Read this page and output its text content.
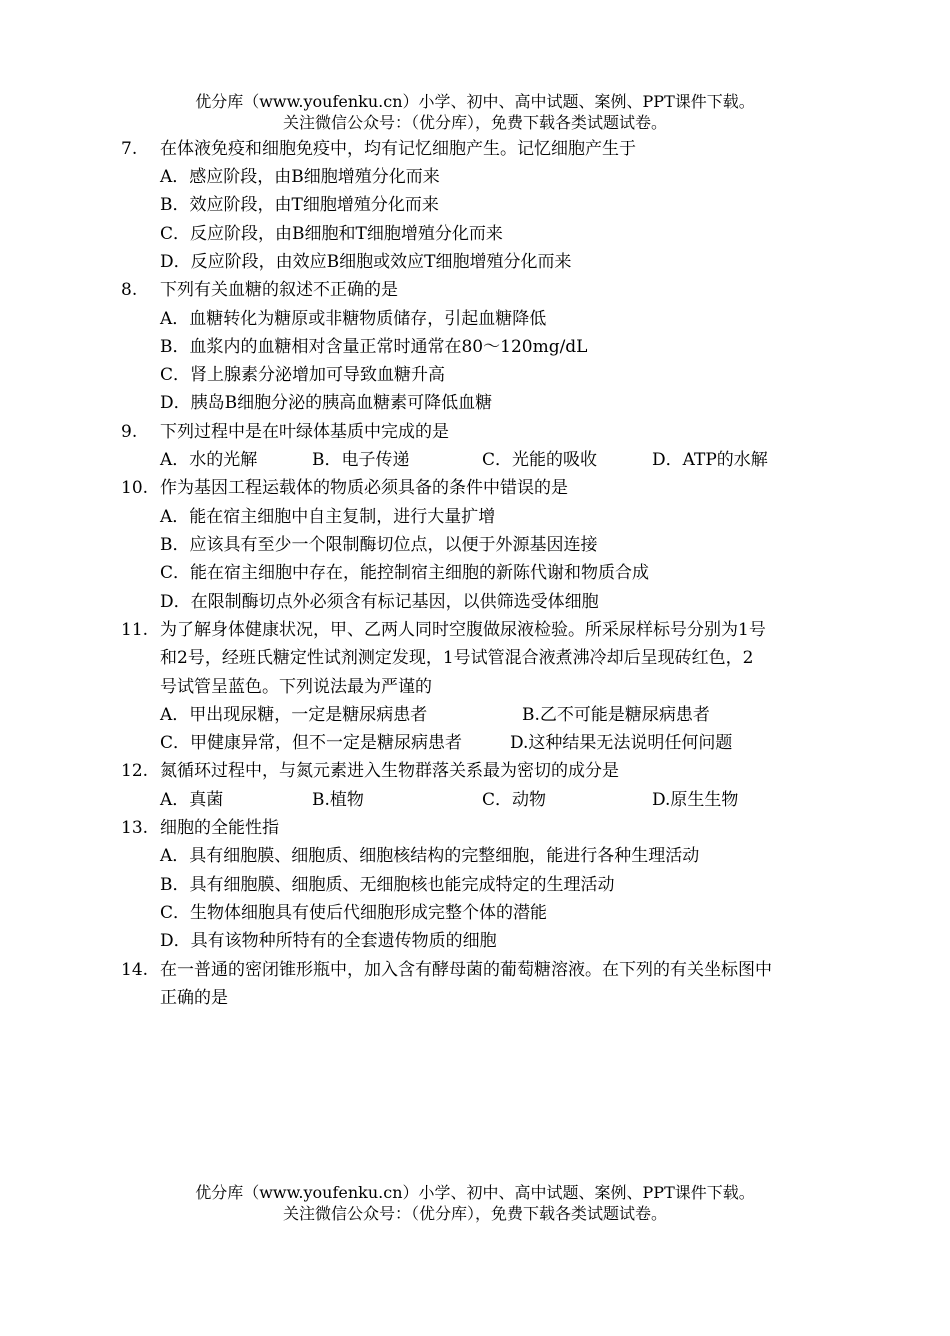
优分库（www.youfenku.cn）小学、初中、高中试题、案例、PPT课件下载。
关注微信公众号：（优分库），免费下载各类试题试卷。
7. 在体液免疫和细胞免疫中，均有记忆细胞产生。记忆细胞产生于
A．感应阶段，由B细胞增殖分化而来
B．效应阶段，由T细胞增殖分化而来
C．反应阶段，由B细胞和T细胞增殖分化而来
D．反应阶段，由效应B细胞或效应T细胞增殖分化而来
8. 下列有关血糖的叙述不正确的是
A．血糖转化为糖原或非糖物质储存，引起血糖降低
B．血浆内的血糖相对含量正常时通常在80～120mg/dL
C．肾上腺素分泌增加可导致血糖升高
D．胰岛B细胞分泌的胰高血糖素可降低血糖
9. 下列过程中是在叶绿体基质中完成的是
A．水的光解	B．电子传递	C．光能的吸收	D．ATP的水解
10. 作为基因工程运载体的物质必须具备的条件中错误的是
A．能在宿主细胞中自主复制，进行大量扩增
B．应该具有至少一个限制酶切位点，以便于外源基因连接
C．能在宿主细胞中存在，能控制宿主细胞的新陈代谢和物质合成
D．在限制酶切点外必须含有标记基因，以供筛选受体细胞
11. 为了解身体健康状况，甲、乙两人同时空腹做尿液检验。所采尿样标号分别为1号
和2号，经班氏糖定性试剂测定发现，1号试管混合液煮沸冷却后呈现砖红色，2
号试管呈蓝色。下列说法最为严谨的
A．甲出现尿糖，一定是糖尿病患者	B.乙不可能是糖尿病患者
C．甲健康异常，但不一定是糖尿病患者	D.这种结果无法说明任何问题
12. 氮循环过程中，与氮元素进入生物群落关系最为密切的成分是
A．真菌	B.植物	C．动物	D.原生生物
13. 细胞的全能性指
A．具有细胞膜、细胞质、细胞核结构的完整细胞，能进行各种生理活动
B．具有细胞膜、细胞质、无细胞核也能完成特定的生理活动
C．生物体细胞具有使后代细胞形成完整个体的潜能
D．具有该物种所特有的全套遗传物质的细胞
14. 在一普通的密闭锥形瓶中，加入含有酵母菌的葡萄糖溶液。在下列的有关坐标图中
正确的是
优分库（www.youfenku.cn）小学、初中、高中试题、案例、PPT课件下载。
关注微信公众号：（优分库），免费下载各类试题试卷。
